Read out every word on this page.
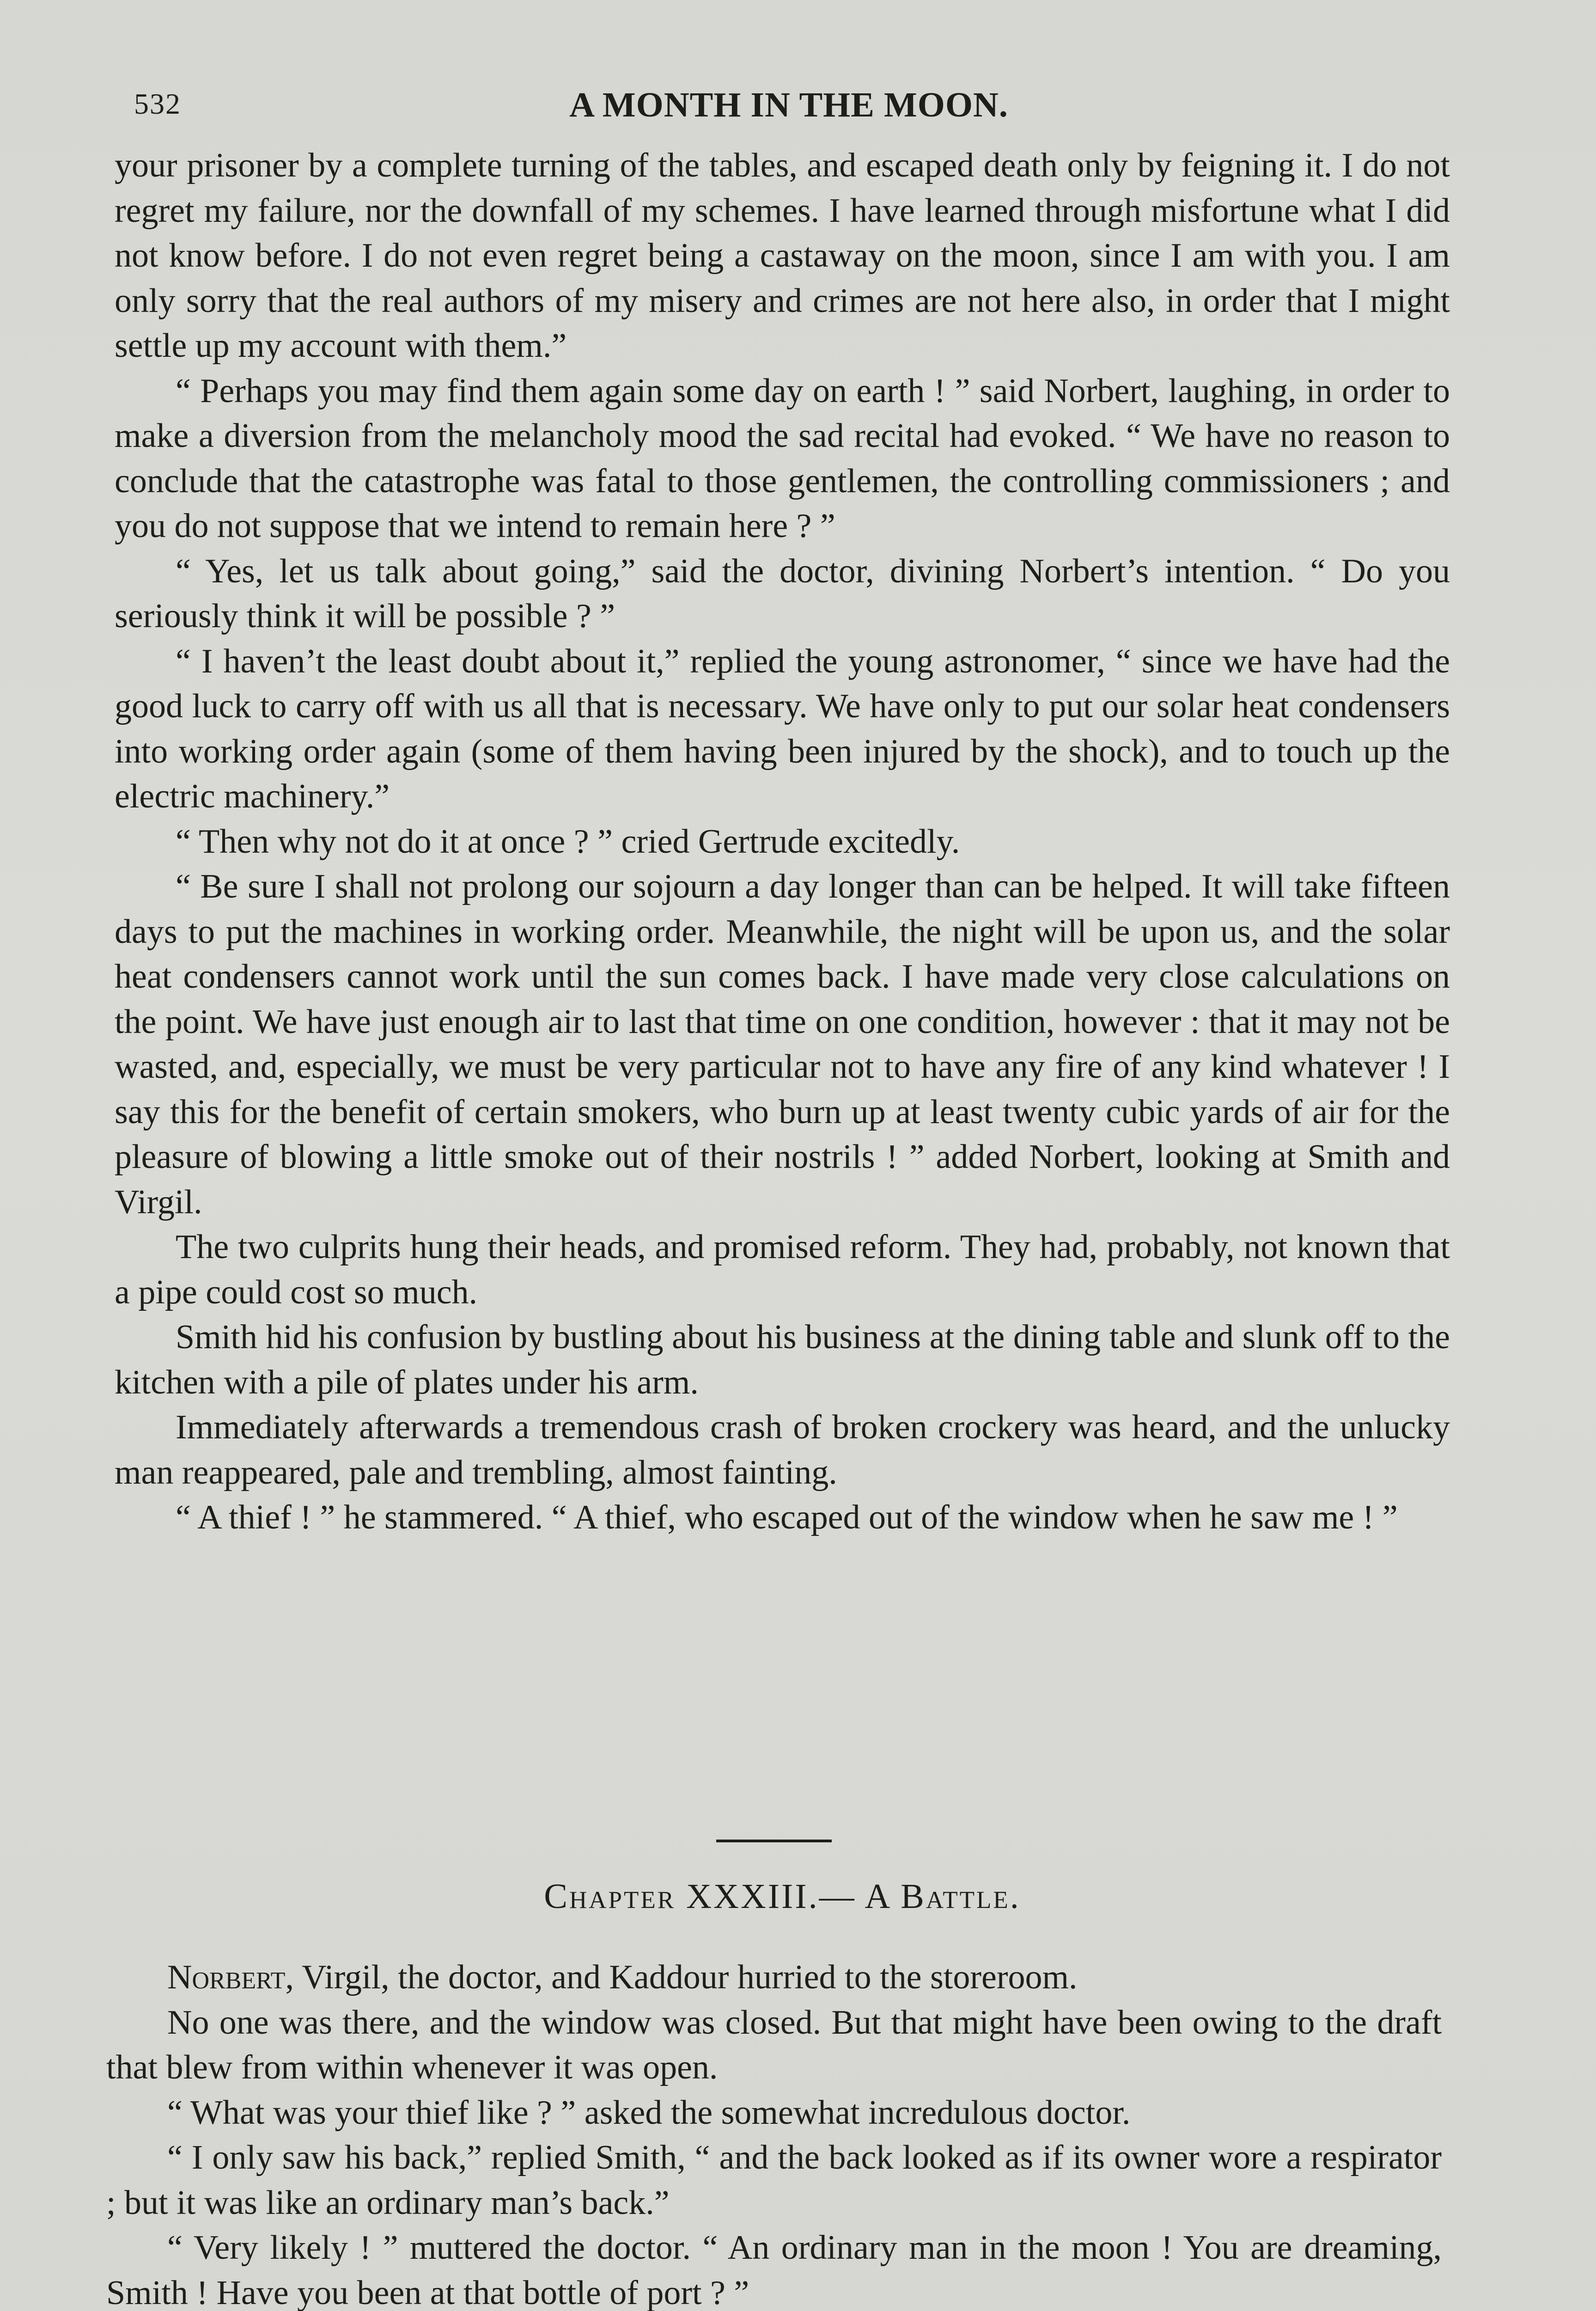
532	A MONTH IN THE MOON.

your prisoner by a complete turning of the tables, and escaped death only by feigning it. I do not regret my failure, nor the downfall of my schemes. I have learned through misfortune what I did not know before. I do not even regret being a castaway on the moon, since I am with you. I am only sorry that the real authors of my misery and crimes are not here also, in order that I might settle up my account with them.”

“ Perhaps you may find them again some day on earth ! ” said Norbert, laughing, in order to make a diversion from the melancholy mood the sad recital had evoked. “ We have no reason to conclude that the catastrophe was fatal to those gentlemen, the controlling commissioners ; and you do not suppose that we intend to remain here ? ”

“ Yes, let us talk about going,” said the doctor, divining Norbert’s intention. “ Do you seriously think it will be possible ? ”

“ I haven’t the least doubt about it,” replied the young astronomer, “ since we have had the good luck to carry off with us all that is necessary. We have only to put our solar heat condensers into working order again (some of them having been injured by the shock), and to touch up the electric machinery.”

“ Then why not do it at once ? ” cried Gertrude excitedly.

“ Be sure I shall not prolong our sojourn a day longer than can be helped. It will take fifteen days to put the machines in working order. Meanwhile, the night will be upon us, and the solar heat condensers cannot work until the sun comes back. I have made very close calculations on the point. We have just enough air to last that time on one condition, however : that it may not be wasted, and, especially, we must be very particular not to have any fire of any kind whatever ! I say this for the benefit of certain smokers, who burn up at least twenty cubic yards of air for the pleasure of blowing a little smoke out of their nostrils ! ” added Norbert, looking at Smith and Virgil.

The two culprits hung their heads, and promised reform. They had, probably, not known that a pipe could cost so much.

Smith hid his confusion by bustling about his business at the dining table and slunk off to the kitchen with a pile of plates under his arm.

Immediately afterwards a tremendous crash of broken crockery was heard, and the unlucky man reappeared, pale and trembling, almost fainting.

“ A thief ! ” he stammered. “ A thief, who escaped out of the window when he saw me ! ”

Chapter XXXIII.— A Battle.

Norbert, Virgil, the doctor, and Kaddour hurried to the storeroom.

No one was there, and the window was closed. But that might have been owing to the draft that blew from within whenever it was open.

“ What was your thief like ? ” asked the somewhat incredulous doctor.

“ I only saw his back,” replied Smith, “ and the back looked as if its owner wore a respirator ; but it was like an ordinary man’s back.”

“ Very likely ! ” muttered the doctor. “ An ordinary man in the moon ! You are dreaming, Smith ! Have you been at that bottle of port ? ”
